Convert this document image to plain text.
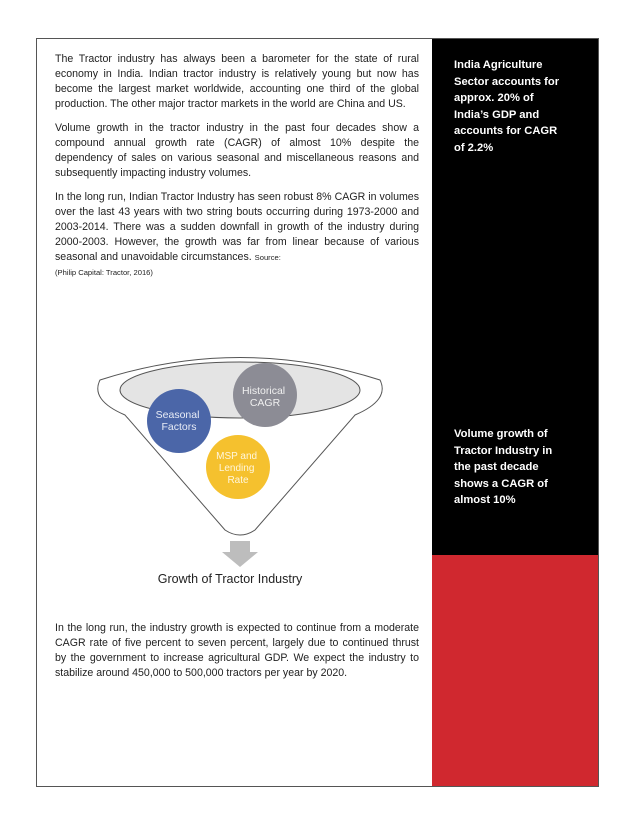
India Agriculture
Sector accounts for
approx. 20% of
India’s GDP and
accounts for CAGR
of 2.2%
Volume growth of
Tractor Industry in
the past decade
shows a CAGR of
almost 10%

The Tractor industry has always been a barometer for the state of rural economy in India. Indian tractor industry is relatively young but now has become the largest market worldwide, accounting one third of the global production. The other major tractor markets in the world are China and US.

Volume growth in the tractor industry in the past four decades show a compound annual growth rate (CAGR) of almost 10% despite the dependency of sales on various seasonal and miscellaneous reasons and subsequently impacting industry volumes.

In the long run, Indian Tractor Industry has seen robust 8% CAGR in volumes over the last 43 years with two string bouts occurring during 1973-2000 and 2003-2014. There was a sudden downfall in growth of the industry during 2000-2003. However, the growth was far from linear because of various seasonal and unavoidable circumstances. Source:
(Philip Capital: Tractor, 2016)

Seasonal Factors
Historical CAGR
MSP and Lending Rate
Growth of Tractor Industry

In the long run, the industry growth is expected to continue from a moderate CAGR rate of five percent to seven percent, largely due to continued thrust by the government to increase agricultural GDP. We expect the industry to stabilize around 450,000 to 500,000 tractors per year by 2020.
